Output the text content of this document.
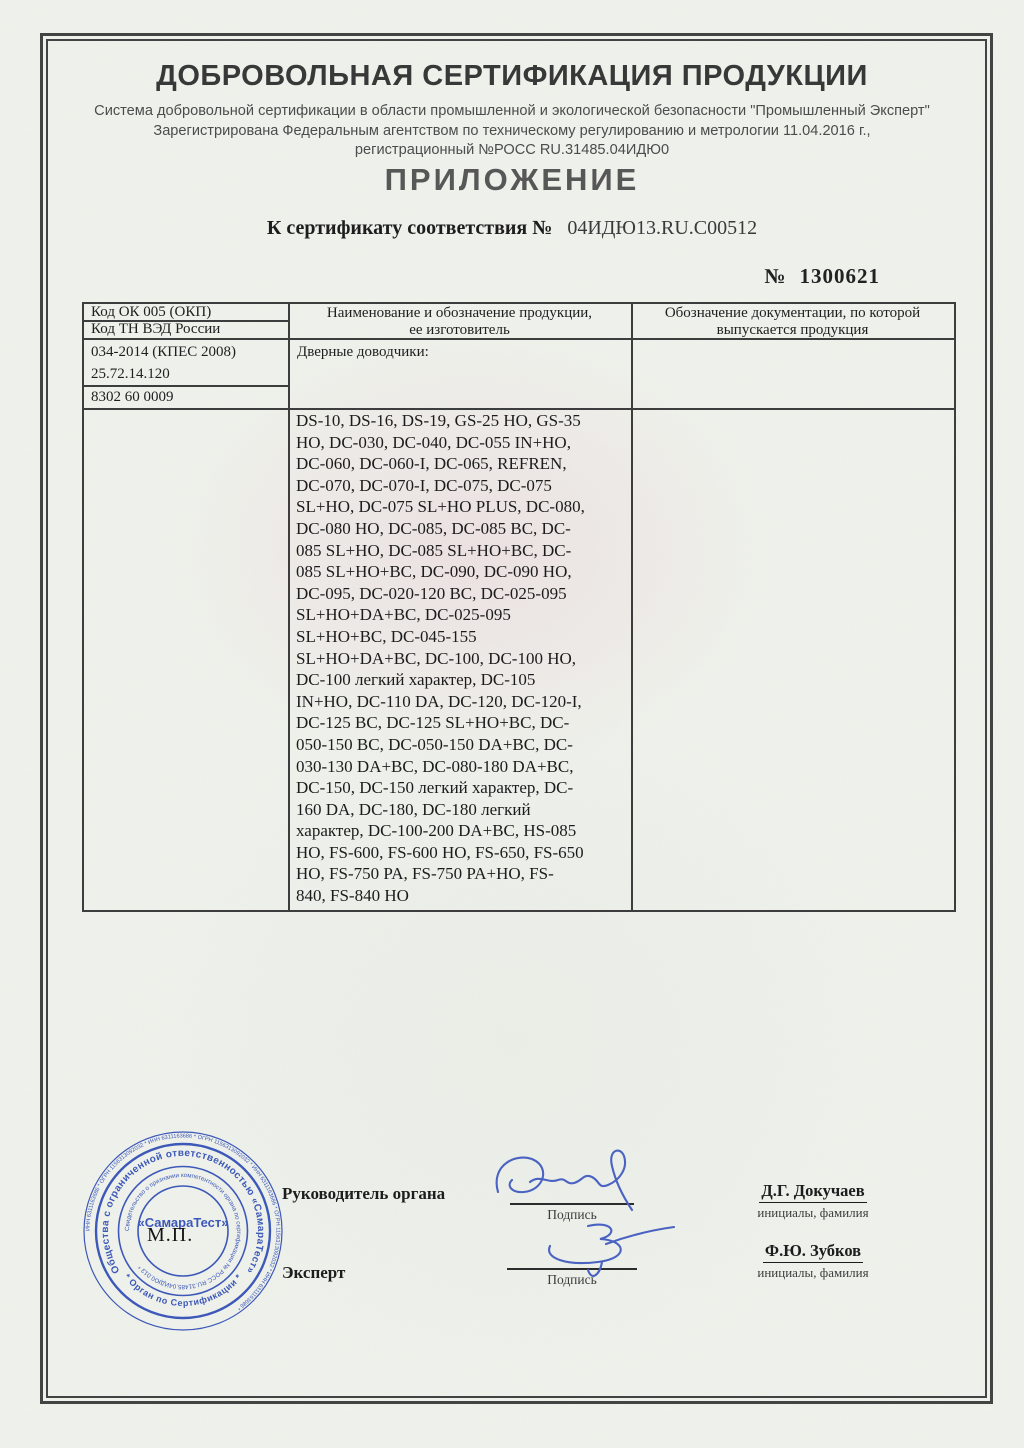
ДОБРОВОЛЬНАЯ СЕРТИФИКАЦИЯ ПРОДУКЦИИ
Система добровольной сертификации в области промышленной и экологической безопасности "Промышленный Эксперт"
Зарегистрирована Федеральным агентством по техническому регулированию и метрологии 11.04.2016 г.,
регистрационный №РОСС RU.31485.04ИДЮ0
ПРИЛОЖЕНИЕ
К сертификату соответствия № 04ИДЮ13.RU.C00512
№ 1300621
Код ОК 005 (ОКП)
Код ТН ВЭД России
Наименование и обозначение продукции,
ее изготовитель
Обозначение документации, по которой
выпускается продукция
034-2014 (КПЕС 2008)
25.72.14.120
8302 60 0009
Дверные доводчики:
DS-10, DS-16, DS-19, GS-25 HO, GS-35
HO, DC-030, DC-040, DC-055 IN+HO,
DC-060, DC-060-I, DC-065, REFREN,
DC-070, DC-070-I, DC-075, DC-075
SL+HO, DC-075 SL+HO PLUS, DC-080,
DC-080 HO, DC-085, DC-085 BC, DC-
085 SL+HO, DC-085 SL+HO+BC, DC-
085 SL+HO+BC, DC-090, DC-090 HO,
DC-095, DC-020-120 BC, DC-025-095
SL+HO+DA+BC, DC-025-095
SL+HO+BC, DC-045-155
SL+HO+DA+BC, DC-100, DC-100 HO,
DC-100 легкий характер, DC-105
IN+HO, DC-110 DA, DC-120, DC-120-I,
DC-125 BC, DC-125 SL+HO+BC, DC-
050-150 BC, DC-050-150 DA+BC, DC-
030-130 DA+BC, DC-080-180 DA+BC,
DC-150, DC-150 легкий характер, DC-
160 DA, DC-180, DC-180 легкий
характер, DC-100-200 DA+BC, HS-085
HO, FS-600, FS-600 HO, FS-650, FS-650
HO, FS-750 PA, FS-750 PA+HO, FS-
840, FS-840 HO
ИНН 6311163686 * ОГРН 1156313092032 * ИНН 6311163686 * ОГРН 1156313092032 * ИНН 6311163686 * ОГРН 1156313092032 * ИНН 6311163686 *
Общества с ограниченной ответственностью «СамараТест»
* Орган по Сертификации *
Свидетельство о признании компетентности органа по сертификации № РОСС RU.31485.04ИДЮ0.013 *
«СамараТест»
М.П.
Руководитель органа
Эксперт
Подпись
Подпись
Д.Г. Докучаев
инициалы, фамилия
Ф.Ю. Зубков
инициалы, фамилия
